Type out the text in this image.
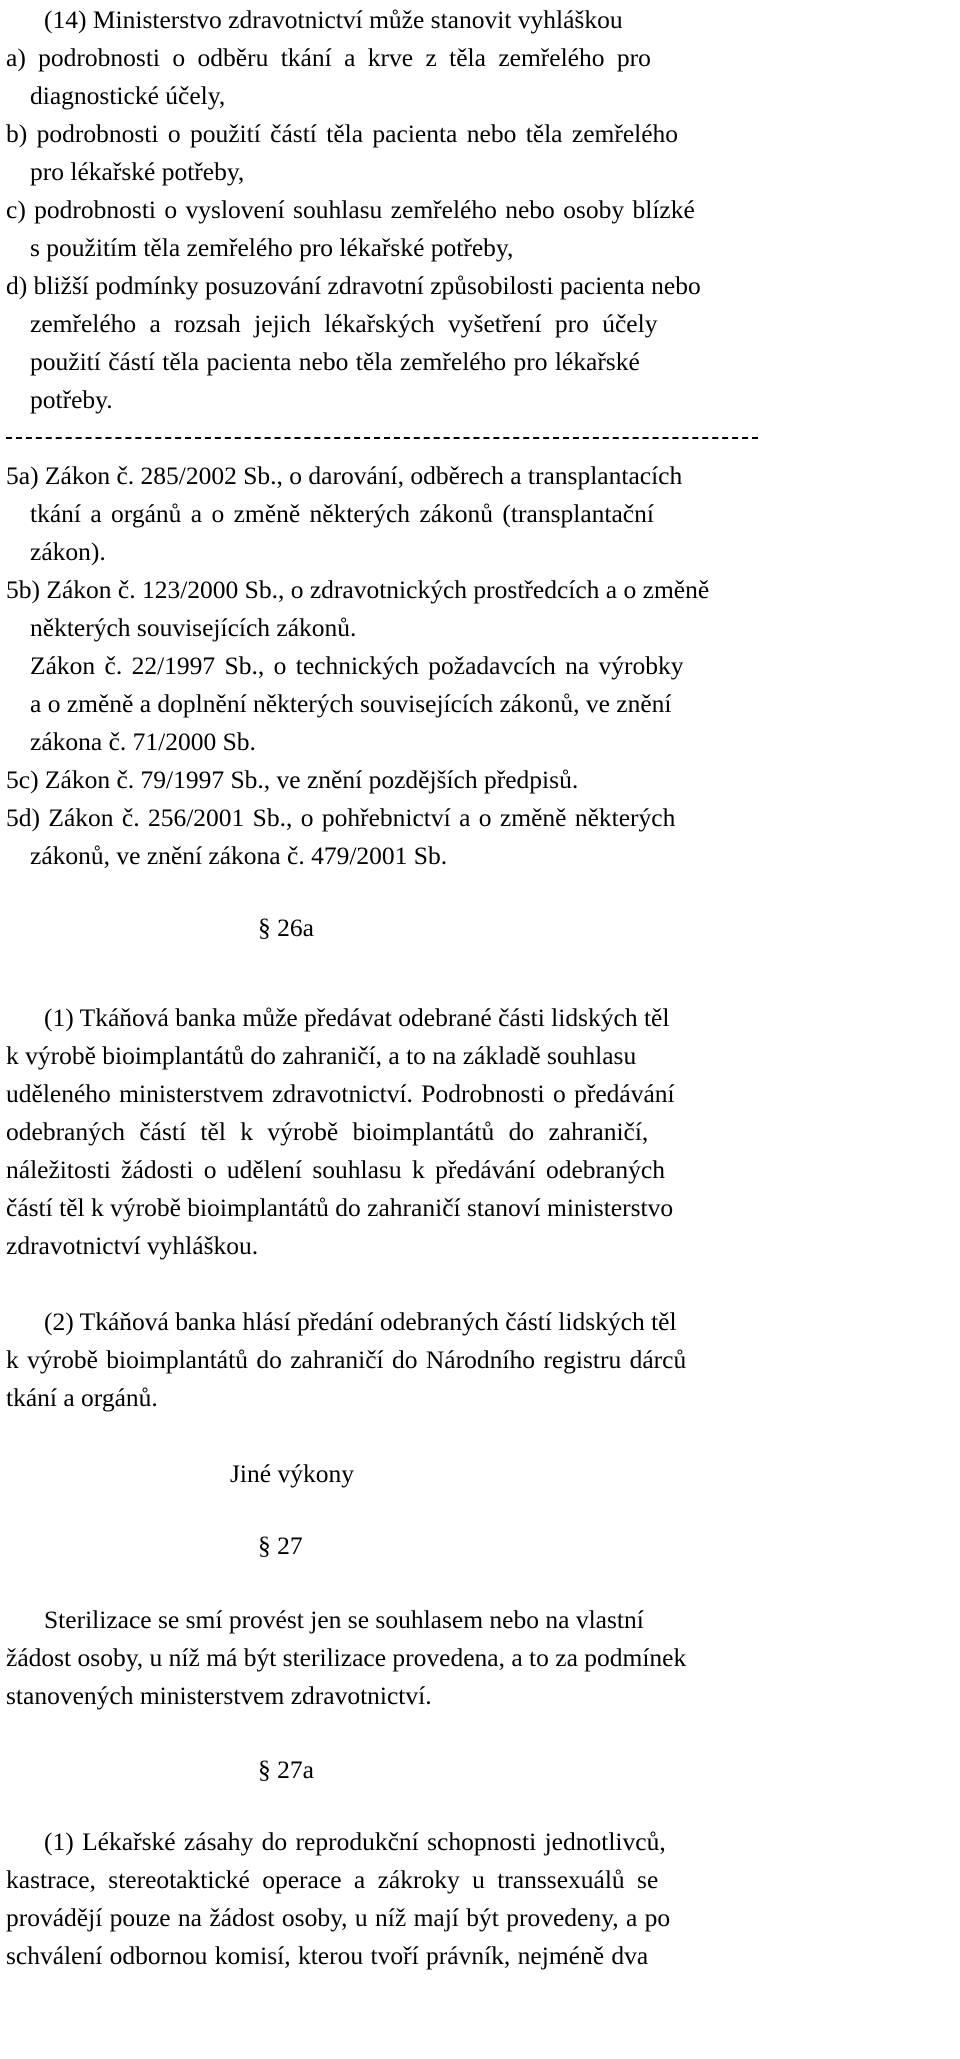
(14) Ministerstvo zdravotnictví může stanovit vyhláškou
a) podrobnosti o odběru tkání a krve z těla zemřelého pro
diagnostické účely,
b) podrobnosti o použití částí těla pacienta nebo těla zemřelého
pro lékařské potřeby,
c) podrobnosti o vyslovení souhlasu zemřelého nebo osoby blízké
s použitím těla zemřelého pro lékařské potřeby,
d) bližší podmínky posuzování zdravotní způsobilosti pacienta nebo
zemřelého a rozsah jejich lékařských vyšetření pro účely
použití částí těla pacienta nebo těla zemřelého pro lékařské
potřeby.
5a) Zákon č. 285/2002 Sb., o darování, odběrech a transplantacích
tkání a orgánů a o změně některých zákonů (transplantační
zákon).
5b) Zákon č. 123/2000 Sb., o zdravotnických prostředcích a o změně
některých souvisejících zákonů.
Zákon č. 22/1997 Sb., o technických požadavcích na výrobky
a o změně a doplnění některých souvisejících zákonů, ve znění
zákona č. 71/2000 Sb.
5c) Zákon č. 79/1997 Sb., ve znění pozdějších předpisů.
5d) Zákon č. 256/2001 Sb., o pohřebnictví a o změně některých
zákonů, ve znění zákona č. 479/2001 Sb.
§ 26a
(1) Tkáňová banka může předávat odebrané části lidských těl
k výrobě bioimplantátů do zahraničí, a to na základě souhlasu
uděleného ministerstvem zdravotnictví. Podrobnosti o předávání
odebraných částí těl k výrobě bioimplantátů do zahraničí,
náležitosti žádosti o udělení souhlasu k předávání odebraných
částí těl k výrobě bioimplantátů do zahraničí stanoví ministerstvo
zdravotnictví vyhláškou.
(2) Tkáňová banka hlásí předání odebraných částí lidských těl
k výrobě bioimplantátů do zahraničí do Národního registru dárců
tkání a orgánů.
Jiné výkony
§ 27
Sterilizace se smí provést jen se souhlasem nebo na vlastní
žádost osoby, u níž má být sterilizace provedena, a to za podmínek
stanovených ministerstvem zdravotnictví.
§ 27a
(1) Lékařské zásahy do reprodukční schopnosti jednotlivců,
kastrace, stereotaktické operace a zákroky u transsexuálů se
provádějí pouze na žádost osoby, u níž mají být provedeny, a po
schválení odbornou komisí, kterou tvoří právník, nejméně dva
